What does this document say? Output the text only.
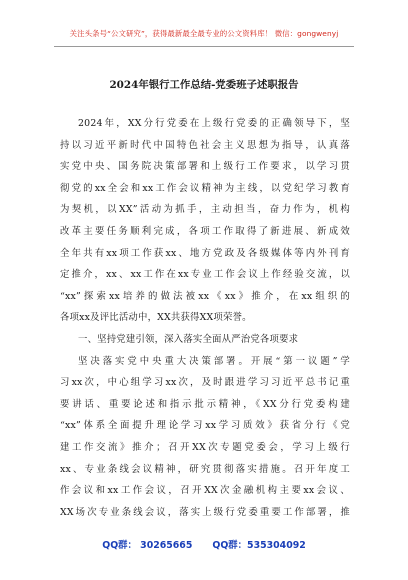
关注头条号“公文研究”，获得最新最全最专业的公文资料库！ 微信：gongwenyj
2024年银行工作总结-党委班子述职报告
2024年，XX分行党委在上级行党委的正确领导下，坚
持以习近平新时代中国特色社会主义思想为指导，认真落
实党中央、国务院决策部署和上级行工作要求，以学习贯
彻党的xx全会和xx工作会议精神为主线，以党纪学习教育
为契机，以XX”活动为抓手，主动担当，奋力作为，机构
改革主要任务顺利完成，各项工作取得了新进展、新成效
全年共有xx项工作获xx、地方党政及各级媒体等内外刊育
定推介，xx、xx工作在xx专业工作会议上作经验交流，以
“xx”探索xx培养的做法被xx《xx》推介，在xx组织的
各项xx及评比活动中，XX共获得XX项荣誉。
一、坚持党建引领，深入落实全面从严治党各项要求
坚决落实党中央重大决策部署。开展“第一议题”学
习xx次，中心组学习xx次，及时跟进学习习近平总书记重
要讲话、重要论述和指示批示精神，《XX分行党委构建
“xx”体系全面提升理论学习xx学习质效》获省分行《党
建工作交流》推介；召开XX次专题党委会，学习上级行
xx、专业条线会议精神，研究贯彻落实措施。召开年度工
作会议和xx工作会议，召开XX次金融机构主要xx会议、
XX场次专业条线会议，落实上级行党委重要工作部署，推
QQ群： 30265665 QQ群：535304092
